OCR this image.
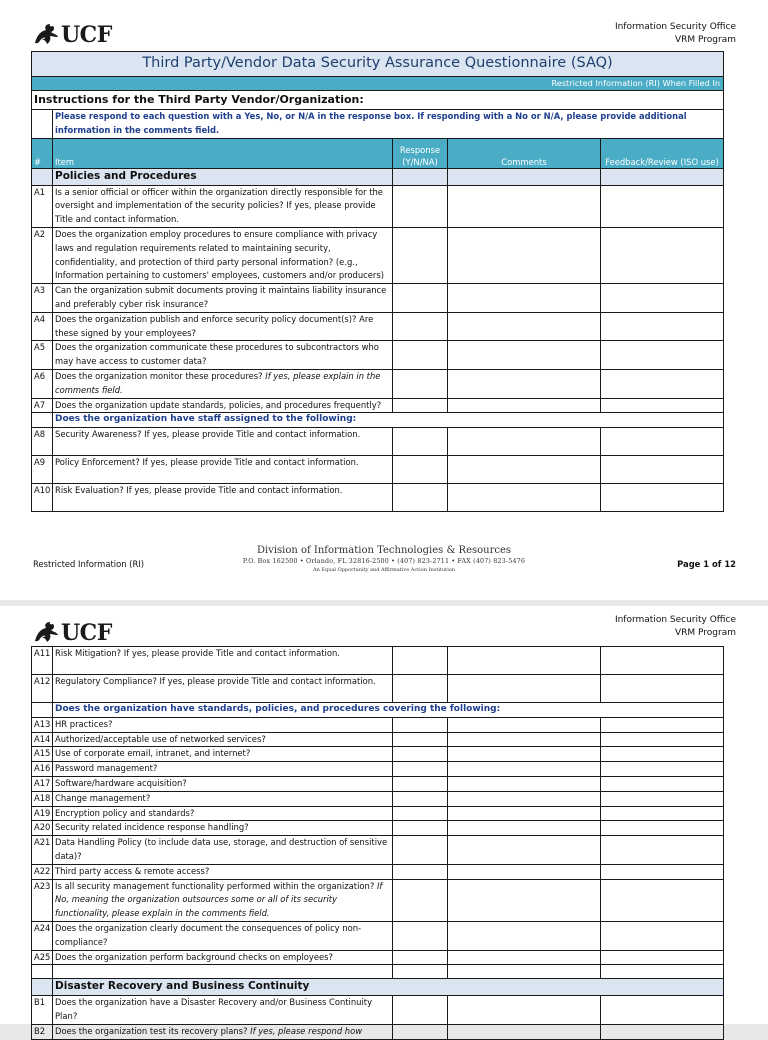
UCF	Information Security Office
VRM Program
Third Party/Vendor Data Security Assurance Questionnaire (SAQ)				
Restricted Information (RI) When Filled In				
Instructions for the Third Party Vendor/Organization:				
	Please respond to each question with a Yes, No, or N/A in the response box. If responding with a No or N/A, please provide additional information in the comments field.			
#	Item	Response (Y/N/NA)	Comments	Feedback/Review (ISO use)
	Policies and Procedures			
A1	Is a senior official or officer within the organization directly responsible for the oversight and implementation of the security policies? If yes, please provide Title and contact information.			
A2	Does the organization employ procedures to ensure compliance with privacy laws and regulation requirements related to maintaining security, confidentiality, and protection of third party personal information? (e.g., Information pertaining to customers' employees, customers and/or producers)			
A3	Can the organization submit documents proving it maintains liability insurance and preferably cyber risk insurance?			
A4	Does the organization publish and enforce security policy document(s)? Are these signed by your employees?			
A5	Does the organization communicate these procedures to subcontractors who may have access to customer data?			
A6	Does the organization monitor these procedures? If yes, please explain in the comments field.			
A7	Does the organization update standards, policies, and procedures frequently?			
	Does the organization have staff assigned to the following:			
A8	Security Awareness? If yes, please provide Title and contact information.			
A9	Policy Enforcement? If yes, please provide Title and contact information.			
A10	Risk Evaluation? If yes, please provide Title and contact information.			
Restricted Information (RI)
Division of Information Technologies & Resources
P.O. Box 162500 • Orlando, FL 32816-2500 • (407) 823-2711 • FAX (407) 823-5476
An Equal Opportunity and Affirmative Action Institution
Page 1 of 12
UCF	Information Security Office
VRM Program
A11	Risk Mitigation? If yes, please provide Title and contact information.			
A12	Regulatory Compliance? If yes, please provide Title and contact information.			
	Does the organization have standards, policies, and procedures covering the following:			
A13	HR practices?			
A14	Authorized/acceptable use of networked services?			
A15	Use of corporate email, intranet, and internet?			
A16	Password management?			
A17	Software/hardware acquisition?			
A18	Change management?			
A19	Encryption policy and standards?			
A20	Security related incidence response handling?			
A21	Data Handling Policy (to include data use, storage, and destruction of sensitive data)?			
A22	Third party access & remote access?			
A23	Is all security management functionality performed within the organization? If No, meaning the organization outsources some or all of its security functionality, please explain in the comments field.			
A24	Does the organization clearly document the consequences of policy non-compliance?			
A25	Does the organization perform background checks on employees?			

	Disaster Recovery and Business Continuity			
B1	Does the organization have a Disaster Recovery and/or Business Continuity Plan?			
B2	Does the organization test its recovery plans? If yes, please respond how			
